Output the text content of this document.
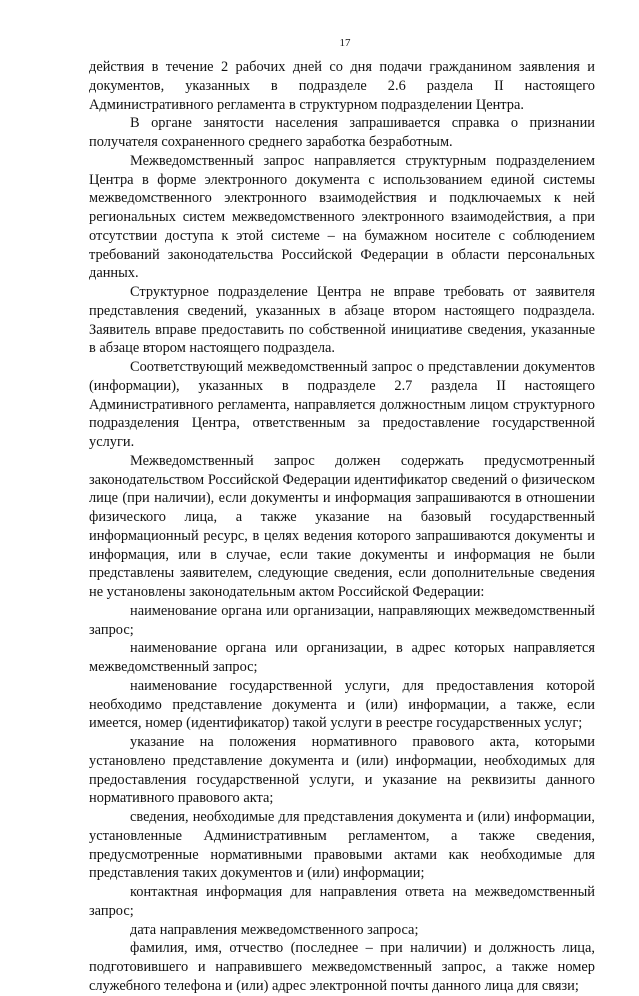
17

действия в течение 2 рабочих дней со дня подачи гражданином заявления и документов, указанных в подразделе 2.6 раздела II настоящего Административного регламента в структурном подразделении Центра.

В органе занятости населения запрашивается справка о признании получателя сохраненного среднего заработка безработным.

Межведомственный запрос направляется структурным подразделением Центра в форме электронного документа с использованием единой системы межведомственного электронного взаимодействия и подключаемых к ней региональных систем межведомственного электронного взаимодействия, а при отсутствии доступа к этой системе – на бумажном носителе с соблюдением требований законодательства Российской Федерации в области персональных данных.

Структурное подразделение Центра не вправе требовать от заявителя представления сведений, указанных в абзаце втором настоящего подраздела. Заявитель вправе предоставить по собственной инициативе сведения, указанные в абзаце втором настоящего подраздела.

Соответствующий межведомственный запрос о представлении документов (информации), указанных в подразделе 2.7 раздела II настоящего Административного регламента, направляется должностным лицом структурного подразделения Центра, ответственным за предоставление государственной услуги.

Межведомственный запрос должен содержать предусмотренный законодательством Российской Федерации идентификатор сведений о физическом лице (при наличии), если документы и информация запрашиваются в отношении физического лица, а также указание на базовый государственный информационный ресурс, в целях ведения которого запрашиваются документы и информация, или в случае, если такие документы и информация не были представлены заявителем, следующие сведения, если дополнительные сведения не установлены законодательным актом Российской Федерации:

наименование органа или организации, направляющих межведомственный запрос;

наименование органа или организации, в адрес которых направляется межведомственный запрос;

наименование государственной услуги, для предоставления которой необходимо представление документа и (или) информации, а также, если имеется, номер (идентификатор) такой услуги в реестре государственных услуг;

указание на положения нормативного правового акта, которыми установлено представление документа и (или) информации, необходимых для предоставления государственной услуги, и указание на реквизиты данного нормативного правового акта;

сведения, необходимые для представления документа и (или) информации, установленные Административным регламентом, а также сведения, предусмотренные нормативными правовыми актами как необходимые для представления таких документов и (или) информации;

контактная информация для направления ответа на межведомственный запрос;

дата направления межведомственного запроса;

фамилия, имя, отчество (последнее – при наличии) и должность лица, подготовившего и направившего межведомственный запрос, а также номер служебного телефона и (или) адрес электронной почты данного лица для связи;
